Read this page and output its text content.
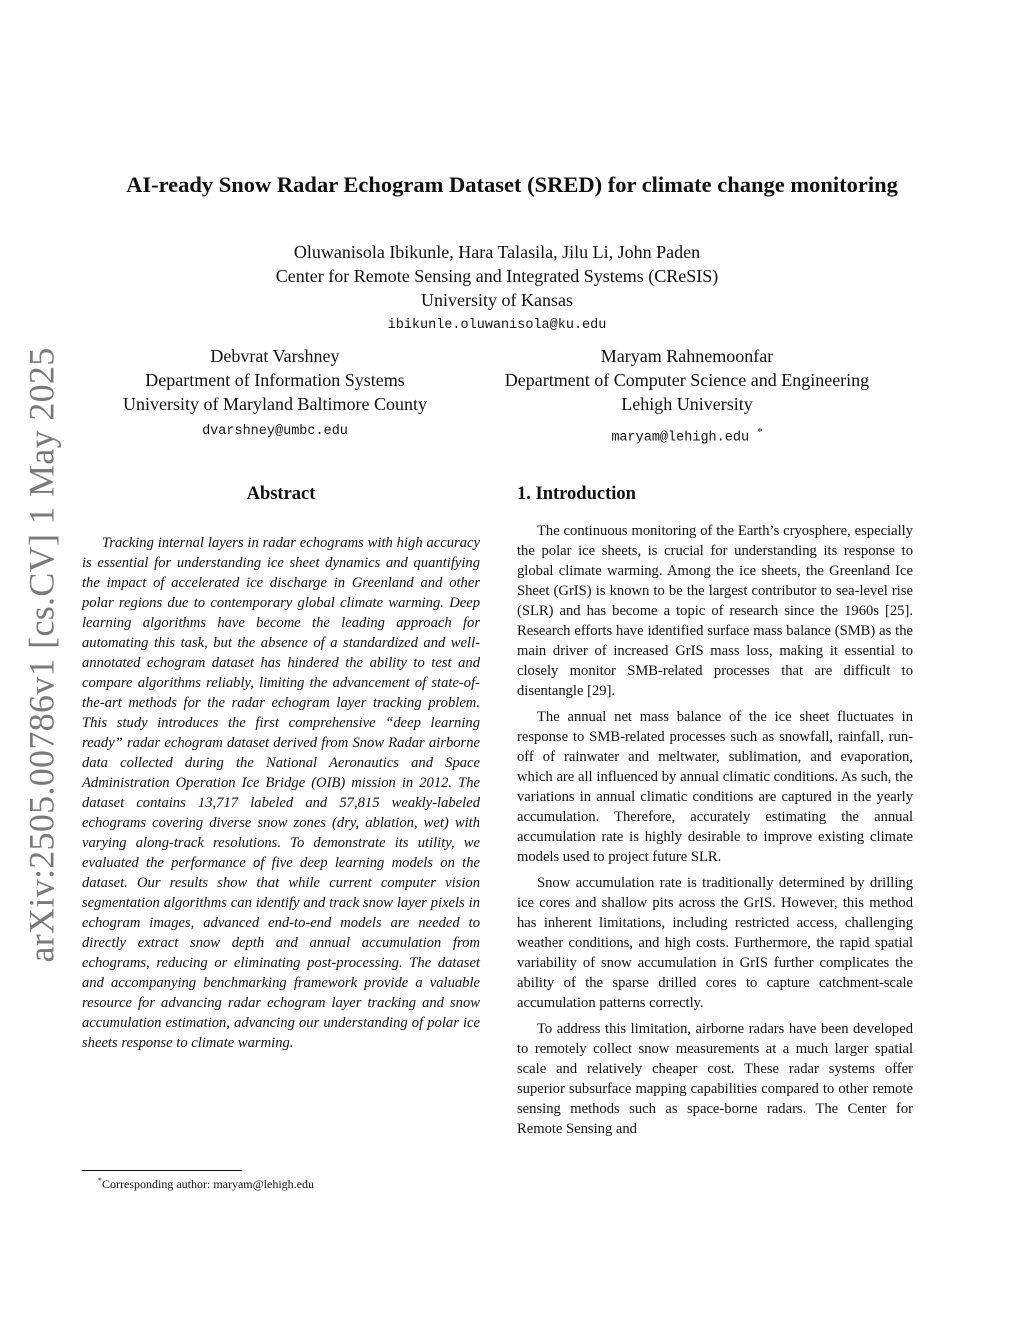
arXiv:2505.00786v1 [cs.CV] 1 May 2025
AI-ready Snow Radar Echogram Dataset (SRED) for climate change monitoring
Oluwanisola Ibikunle, Hara Talasila, Jilu Li, John Paden
Center for Remote Sensing and Integrated Systems (CReSIS)
University of Kansas
ibikunle.oluwanisola@ku.edu
Debvrat Varshney
Department of Information Systems
University of Maryland Baltimore County
dvarshney@umbc.edu
Maryam Rahnemoonfar
Department of Computer Science and Engineering
Lehigh University
maryam@lehigh.edu *
Abstract

Tracking internal layers in radar echograms with high accuracy is essential for understanding ice sheet dynamics and quantifying the impact of accelerated ice discharge in Greenland and other polar regions due to contemporary global climate warming. Deep learning algorithms have become the leading approach for automating this task, but the absence of a standardized and well-annotated echogram dataset has hindered the ability to test and compare algorithms reliably, limiting the advancement of state-of-the-art methods for the radar echogram layer tracking problem. This study introduces the first comprehensive “deep learning ready” radar echogram dataset derived from Snow Radar airborne data collected during the National Aeronautics and Space Administration Operation Ice Bridge (OIB) mission in 2012. The dataset contains 13,717 labeled and 57,815 weakly-labeled echograms covering diverse snow zones (dry, ablation, wet) with varying along-track resolutions. To demonstrate its utility, we evaluated the performance of five deep learning models on the dataset. Our results show that while current computer vision segmentation algorithms can identify and track snow layer pixels in echogram images, advanced end-to-end models are needed to directly extract snow depth and annual accumulation from echograms, reducing or eliminating post-processing. The dataset and accompanying benchmarking framework provide a valuable resource for advancing radar echogram layer tracking and snow accumulation estimation, advancing our understanding of polar ice sheets response to climate warming.

1. Introduction

The continuous monitoring of the Earth’s cryosphere, especially the polar ice sheets, is crucial for understanding its response to global climate warming. Among the ice sheets, the Greenland Ice Sheet (GrIS) is known to be the largest contributor to sea-level rise (SLR) and has become a topic of research since the 1960s [25]. Research efforts have identified surface mass balance (SMB) as the main driver of increased GrIS mass loss, making it essential to closely monitor SMB-related processes that are difficult to disentangle [29].

The annual net mass balance of the ice sheet fluctuates in response to SMB-related processes such as snowfall, rainfall, run-off of rainwater and meltwater, sublimation, and evaporation, which are all influenced by annual climatic conditions. As such, the variations in annual climatic conditions are captured in the yearly accumulation. Therefore, accurately estimating the annual accumulation rate is highly desirable to improve existing climate models used to project future SLR.

Snow accumulation rate is traditionally determined by drilling ice cores and shallow pits across the GrIS. However, this method has inherent limitations, including restricted access, challenging weather conditions, and high costs. Furthermore, the rapid spatial variability of snow accumulation in GrIS further complicates the ability of the sparse drilled cores to capture catchment-scale accumulation patterns correctly.

To address this limitation, airborne radars have been developed to remotely collect snow measurements at a much larger spatial scale and relatively cheaper cost. These radar systems offer superior subsurface mapping capabilities compared to other remote sensing methods such as space-borne radars. The Center for Remote Sensing and

*Corresponding author: maryam@lehigh.edu
